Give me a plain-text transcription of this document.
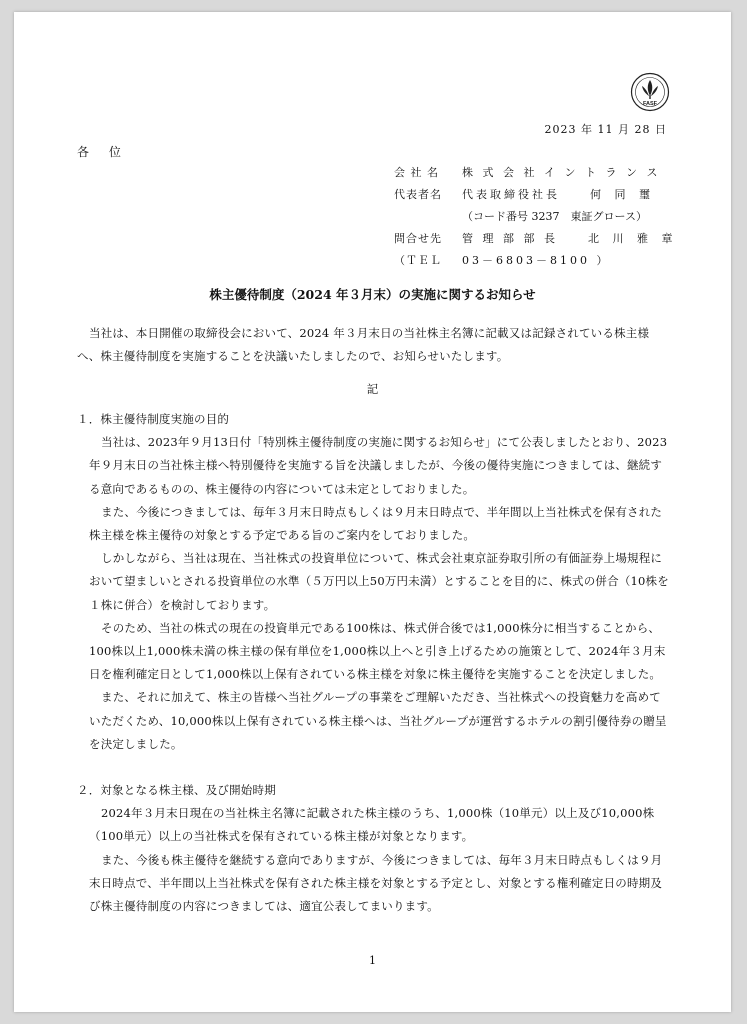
FASF
2023 年 11 月 28 日
各 位
会 社 名	株 式 会 社 イ ン ト ラ ン ス
代表者名	代表取締役社長	何 同 璽
（コード番号 3237　東証グロース）
問合せ先	管 理 部 部 長	北 川 雅 章
（ＴＥＬ	03－6803－8100 ）
株主優待制度（2024 年３月末）の実施に関するお知らせ

当社は、本日開催の取締役会において、2024 年３月末日の当社株主名簿に記載又は記録されている株主様へ、株主優待制度を実施することを決議いたしましたので、お知らせいたします。

記

１．株主優待制度実施の目的

当社は、2023年９月13日付「特別株主優待制度の実施に関するお知らせ」にて公表しましたとおり、2023年９月末日の当社株主様へ特別優待を実施する旨を決議しましたが、今後の優待実施につきましては、継続する意向であるものの、株主優待の内容については未定としておりました。

また、今後につきましては、毎年３月末日時点もしくは９月末日時点で、半年間以上当社株式を保有された株主様を株主優待の対象とする予定である旨のご案内をしておりました。

しかしながら、当社は現在、当社株式の投資単位について、株式会社東京証券取引所の有価証券上場規程において望ましいとされる投資単位の水準（５万円以上50万円未満）とすることを目的に、株式の併合（10株を１株に併合）を検討しております。

そのため、当社の株式の現在の投資単元である100株は、株式併合後では1,000株分に相当することから、100株以上1,000株未満の株主様の保有単位を1,000株以上へと引き上げるための施策として、2024年３月末日を権利確定日として1,000株以上保有されている株主様を対象に株主優待を実施することを決定しました。

また、それに加えて、株主の皆様へ当社グループの事業をご理解いただき、当社株式への投資魅力を高めていただくため、10,000株以上保有されている株主様へは、当社グループが運営するホテルの割引優待券の贈呈を決定しました。

２．対象となる株主様、及び開始時期

2024年３月末日現在の当社株主名簿に記載された株主様のうち、1,000株（10単元）以上及び10,000株（100単元）以上の当社株式を保有されている株主様が対象となります。

また、今後も株主優待を継続する意向でありますが、今後につきましては、毎年３月末日時点もしくは９月末日時点で、半年間以上当社株式を保有された株主様を対象とする予定とし、対象とする権利確定日の時期及び株主優待制度の内容につきましては、適宜公表してまいります。

1
